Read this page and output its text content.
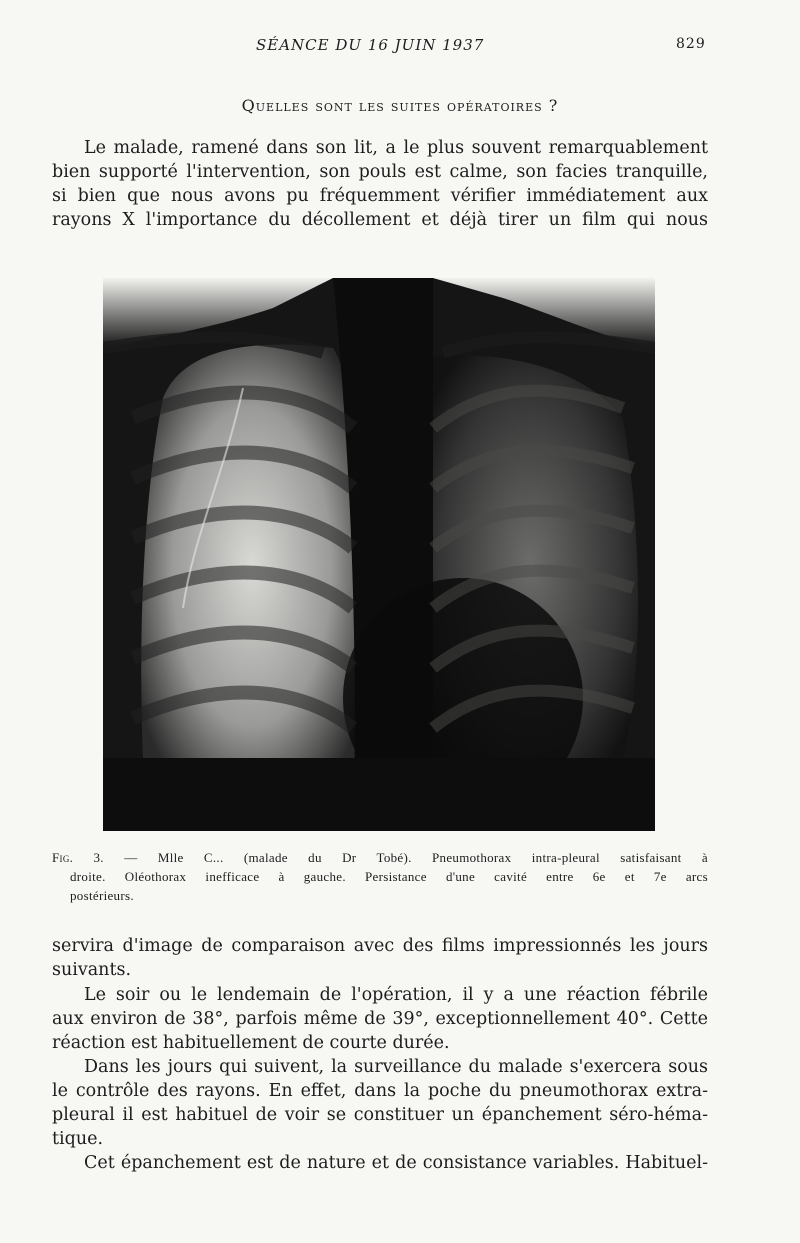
SÉANCE DU 16 JUIN 1937	829
Quelles sont les suites opératoires ?
Le malade, ramené dans son lit, a le plus souvent remarquablement
bien supporté l'intervention, son pouls est calme, son facies tranquille,
si bien que nous avons pu fréquemment vérifier immédiatement aux
rayons X l'importance du décollement et déjà tirer un film qui nous
Fig. 3. — Mlle C... (malade du Dr Tobé). Pneumothorax intra-pleural satisfaisant à
droite. Oléothorax inefficace à gauche. Persistance d'une cavité entre 6e et 7e arcs
postérieurs.
servira d'image de comparaison avec des films impressionnés les jours
suivants.
Le soir ou le lendemain de l'opération, il y a une réaction fébrile
aux environ de 38°, parfois même de 39°, exceptionnellement 40°. Cette
réaction est habituellement de courte durée.
Dans les jours qui suivent, la surveillance du malade s'exercera sous
le contrôle des rayons. En effet, dans la poche du pneumothorax extra-
pleural il est habituel de voir se constituer un épanchement séro-héma-
tique.
Cet épanchement est de nature et de consistance variables. Habituel-
